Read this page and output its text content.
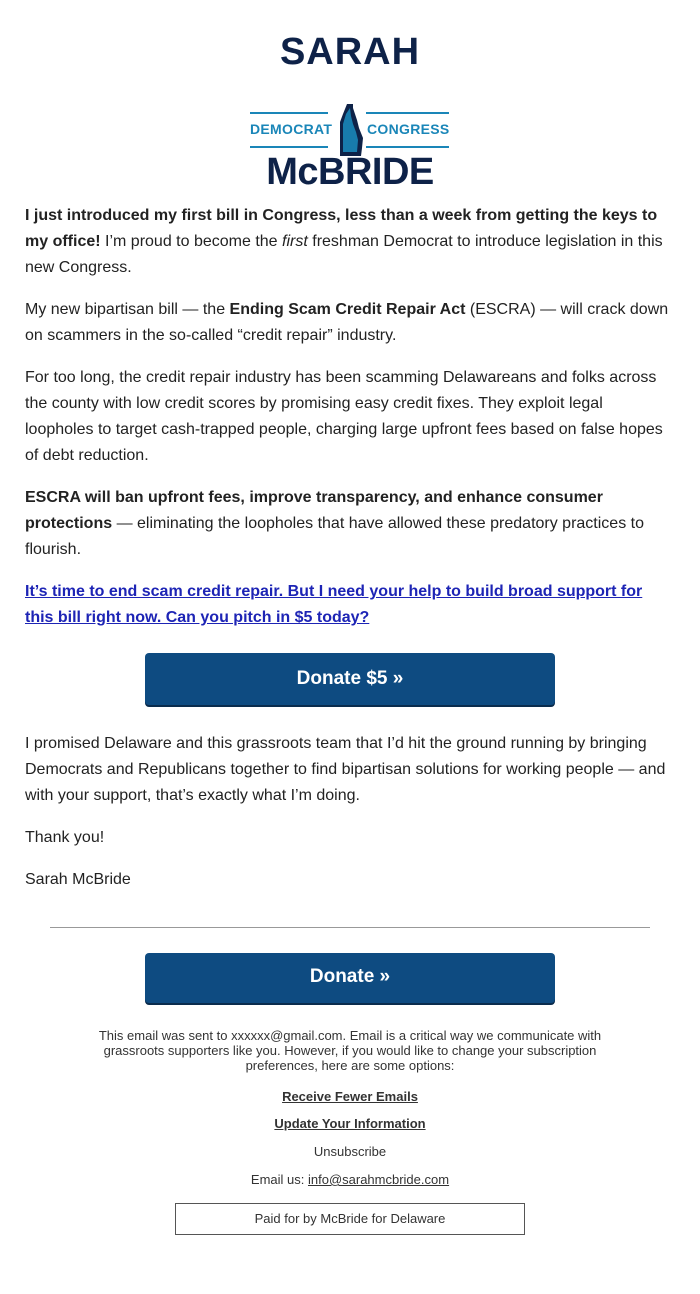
SARAH
DEMOCRAT CONGRESS
McBRIDE

I just introduced my first bill in Congress, less than a week from getting the keys to my office! I’m proud to become the first freshman Democrat to introduce legislation in this new Congress.

My new bipartisan bill — the Ending Scam Credit Repair Act (ESCRA) — will crack down on scammers in the so-called “credit repair” industry.

For too long, the credit repair industry has been scamming Delawareans and folks across the county with low credit scores by promising easy credit fixes. They exploit legal loopholes to target cash-trapped people, charging large upfront fees based on false hopes of debt reduction.

ESCRA will ban upfront fees, improve transparency, and enhance consumer protections — eliminating the loopholes that have allowed these predatory practices to flourish.

It’s time to end scam credit repair. But I need your help to build broad support for this bill right now. Can you pitch in $5 today?

Donate $5 »

I promised Delaware and this grassroots team that I’d hit the ground running by bringing Democrats and Republicans together to find bipartisan solutions for working people — and with your support, that’s exactly what I’m doing.

Thank you!

Sarah McBride

Donate »
This email was sent to xxxxxx@gmail.com. Email is a critical way we communicate with grassroots supporters like you. However, if you would like to change your subscription preferences, here are some options:
Receive Fewer Emails
Update Your Information
Unsubscribe
Email us: info@sarahmcbride.com
Paid for by McBride for Delaware
